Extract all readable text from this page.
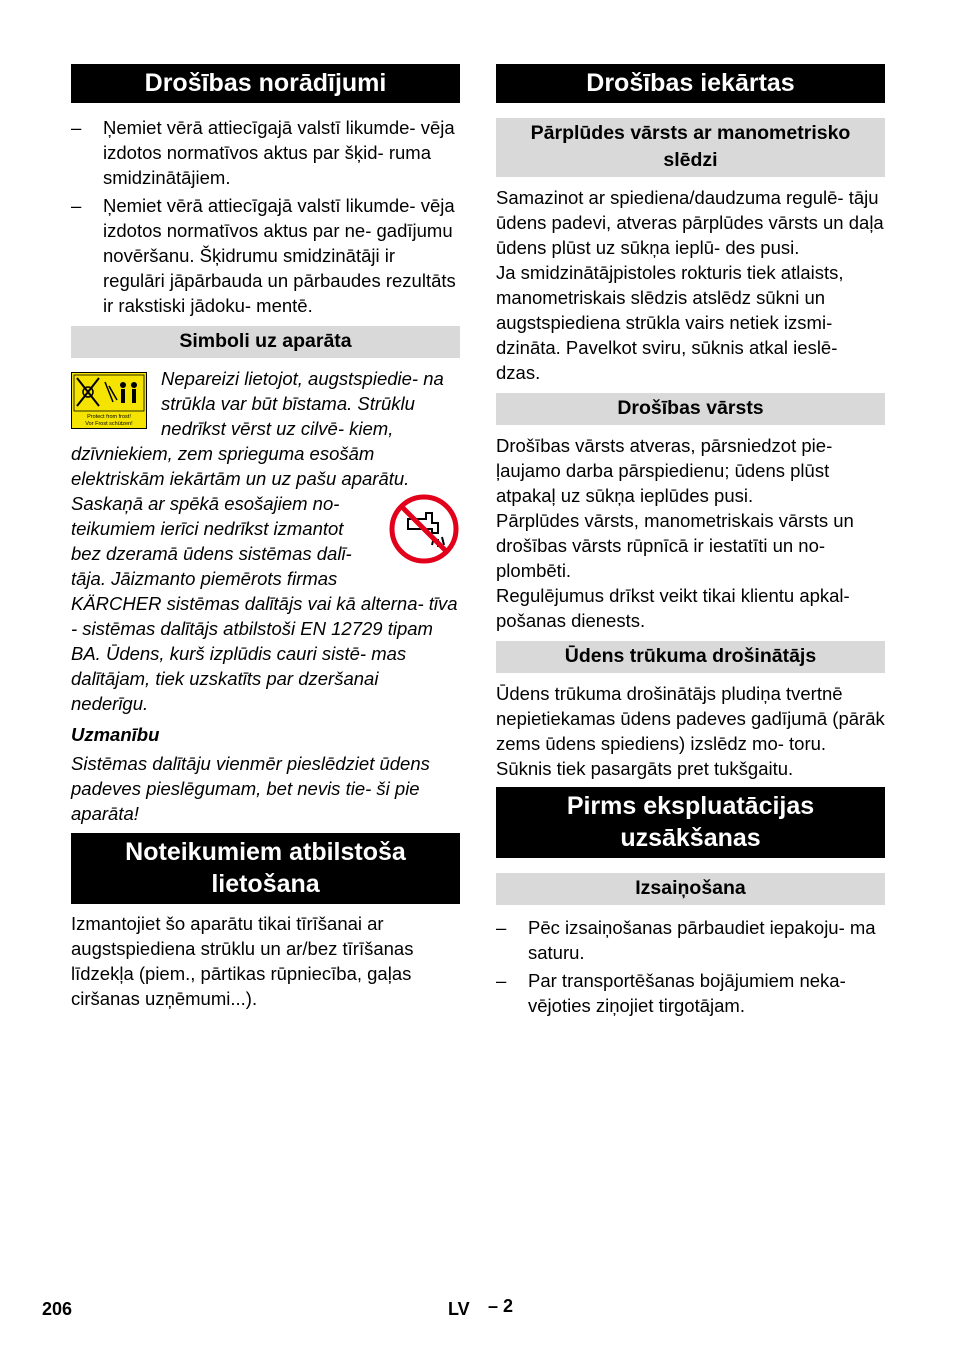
Drošības norādījumi
– Ņemiet vērā attiecīgajā valstī likumde- vēja izdotos normatīvos aktus par šķid- ruma smidzinātājiem.
– Ņemiet vērā attiecīgajā valstī likumde- vēja izdotos normatīvos aktus par ne- gadījumu novēršanu. Šķidrumu smidzinātāji ir regulāri jāpārbauda un pārbaudes rezultāts ir rakstiski jādoku- mentē.
Simboli uz aparāta
Protect from frost!
Vor Frost schützen!

Nepareizi lietojot, augstspiedie- na strūkla var būt bīstama. Strūklu nedrīkst vērst uz cilvē- kiem, dzīvniekiem, zem sprieguma esošām elektriskām iekārtām un uz pašu aparātu.

Saskaņā ar spēkā esošajiem no- teikumiem ierīci nedrīkst izmantot bez dzeramā ūdens sistēmas dalī- tāja. Jāizmanto piemērots firmas KÄRCHER sistēmas dalītājs vai kā alterna- tīva - sistēmas dalītājs atbilstoši EN 12729 tipam BA. Ūdens, kurš izplūdis cauri sistē- mas dalītājam, tiek uzskatīts par dzeršanai nederīgu.

Uzmanību

Sistēmas dalītāju vienmēr pieslēdziet ūdens padeves pieslēgumam, bet nevis tie- ši pie aparāta!

Noteikumiem atbilstoša lietošana

Izmantojiet šo aparātu tikai tīrīšanai ar augstspiediena strūklu un ar/bez tīrīšanas līdzekļa (piem., pārtikas rūpniecība, gaļas ciršanas uzņēmumi...).

Drošības iekārtas
Pārplūdes vārsts ar manometrisko slēdzi

Samazinot ar spiediena/daudzuma regulē- tāju ūdens padevi, atveras pārplūdes vārsts un daļa ūdens plūst uz sūkņa ieplū- des pusi.

Ja smidzinātājpistoles rokturis tiek atlaists, manometriskais slēdzis atslēdz sūkni un augstspiediena strūkla vairs netiek izsmi- dzināta. Pavelkot sviru, sūknis atkal ieslē- dzas.

Drošības vārsts

Drošības vārsts atveras, pārsniedzot pie- ļaujamo darba pārspiedienu; ūdens plūst atpakaļ uz sūkņa ieplūdes pusi.

Pārplūdes vārsts, manometriskais vārsts un drošības vārsts rūpnīcā ir iestatīti un no- plombēti.

Regulējumus drīkst veikt tikai klientu apkal- pošanas dienests.

Ūdens trūkuma drošinātājs

Ūdens trūkuma drošinātājs pludiņa tvertnē nepietiekamas ūdens padeves gadījumā (pārāk zems ūdens spiediens) izslēdz mo- toru.

Sūknis tiek pasargāts pret tukšgaitu.

Pirms ekspluatācijas uzsākšanas
Izsaiņošana
– Pēc izsaiņošanas pārbaudiet iepakoju- ma saturu.
– Par transportēšanas bojājumiem neka- vējoties ziņojiet tirgotājam.
206	LV – 2
